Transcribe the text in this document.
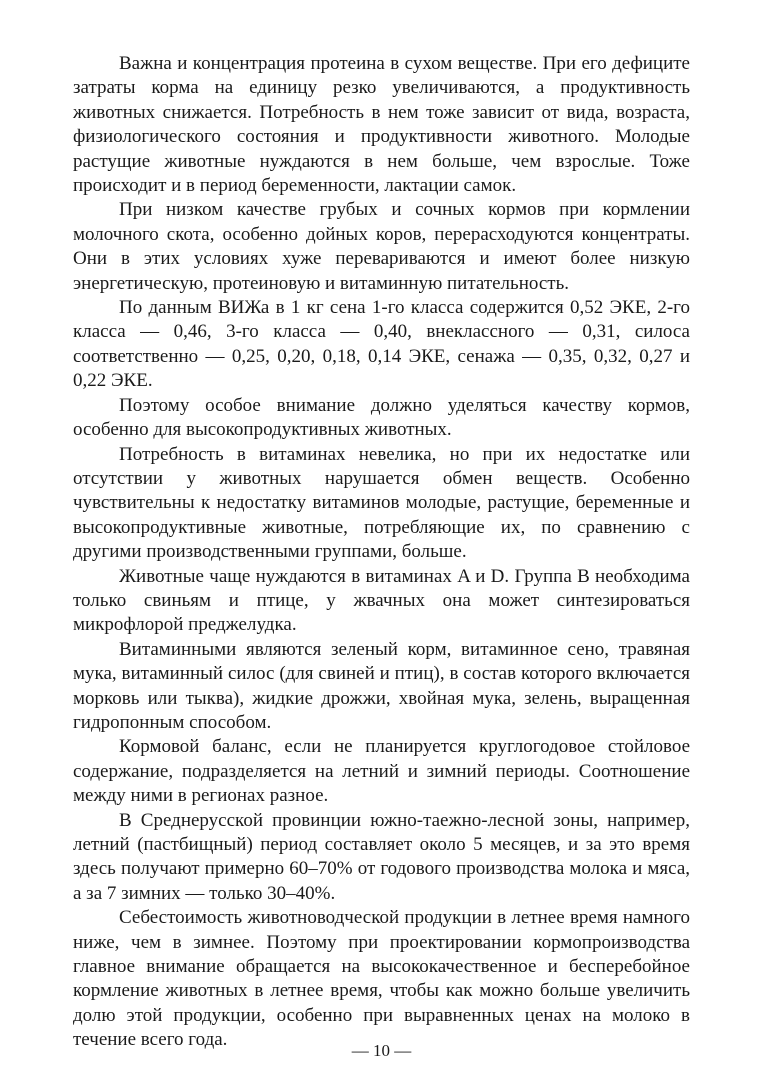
Важна и концентрация протеина в сухом веществе. При его дефиците затраты корма на единицу резко увеличиваются, а продуктивность животных снижается. Потребность в нем тоже зависит от вида, возраста, физиологического состояния и продуктивности животного. Молодые растущие животные нуждаются в нем больше, чем взрослые. Тоже происходит и в период беременности, лактации самок.

При низком качестве грубых и сочных кормов при кормлении молочного скота, особенно дойных коров, перерасходуются концентраты. Они в этих условиях хуже перевариваются и имеют более низкую энергетическую, протеиновую и витаминную питательность.

По данным ВИЖа в 1 кг сена 1-го класса содержится 0,52 ЭКЕ, 2-го класса — 0,46, 3-го класса — 0,40, внеклассного — 0,31, силоса соответственно — 0,25, 0,20, 0,18, 0,14 ЭКЕ, сенажа — 0,35, 0,32, 0,27 и 0,22 ЭКЕ.

Поэтому особое внимание должно уделяться качеству кормов, особенно для высокопродуктивных животных.

Потребность в витаминах невелика, но при их недостатке или отсутствии у животных нарушается обмен веществ. Особенно чувствительны к недостатку витаминов молодые, растущие, беременные и высокопродуктивные животные, потребляющие их, по сравнению с другими производственными группами, больше.

Животные чаще нуждаются в витаминах A и D. Группа B необходима только свиньям и птице, у жвачных она может синтезироваться микрофлорой преджелудка.

Витаминными являются зеленый корм, витаминное сено, травяная мука, витаминный силос (для свиней и птиц), в состав которого включается морковь или тыква), жидкие дрожжи, хвойная мука, зелень, выращенная гидропонным способом.

Кормовой баланс, если не планируется круглогодовое стойловое содержание, подразделяется на летний и зимний периоды. Соотношение между ними в регионах разное.

В Среднерусской провинции южно-таежно-лесной зоны, например, летний (пастбищный) период составляет около 5 месяцев, и за это время здесь получают примерно 60–70% от годового производства молока и мяса, а за 7 зимних — только 30–40%.

Себестоимость животноводческой продукции в летнее время намного ниже, чем в зимнее. Поэтому при проектировании кормопроизводства главное внимание обращается на высококачественное и бесперебойное кормление животных в летнее время, чтобы как можно больше увеличить долю этой продукции, особенно при выравненных ценах на молоко в течение всего года.

— 10 —
